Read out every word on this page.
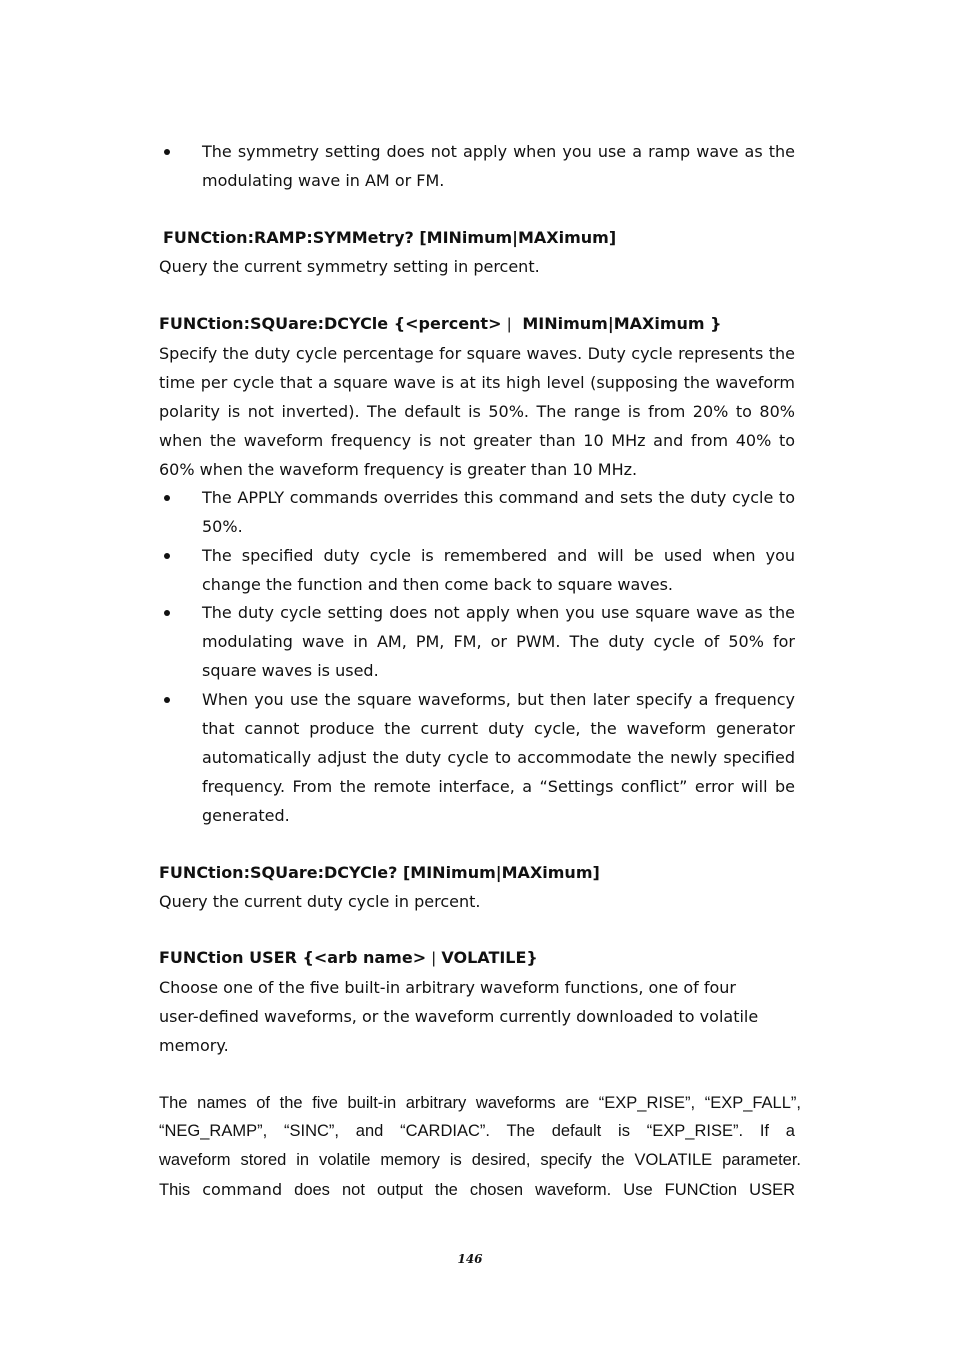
The symmetry setting does not apply when you use a ramp wave as the modulating wave in AM or FM.

FUNCtion:RAMP:SYMMetry? [MINimum|MAXimum]

Query the current symmetry setting in percent.

FUNCtion:SQUare:DCYCle {<percent> |  MINimum|MAXimum }

Specify the duty cycle percentage for square waves. Duty cycle represents the time per cycle that a square wave is at its high level (supposing the waveform polarity is not inverted). The default is 50%. The range is from 20% to 80% when the waveform frequency is not greater than 10 MHz and from 40% to 60% when the waveform frequency is greater than 10 MHz.

The APPLY commands overrides this command and sets the duty cycle to 50%.
The specified duty cycle is remembered and will be used when you change the function and then come back to square waves.
The duty cycle setting does not apply when you use square wave as the modulating wave in AM, PM, FM, or PWM. The duty cycle of 50% for square waves is used.
When you use the square waveforms, but then later specify a frequency that cannot produce the current duty cycle, the waveform generator automatically adjust the duty cycle to accommodate the newly specified frequency. From the remote interface, a “Settings conflict” error will be generated.

FUNCtion:SQUare:DCYCle? [MINimum|MAXimum]

Query the current duty cycle in percent.

FUNCtion USER {<arb name> | VOLATILE}

Choose one of the five built-in arbitrary waveform functions, one of four user-defined waveforms, or the waveform currently downloaded to volatile memory.

The names of the five built-in arbitrary waveforms are “EXP_RISE”, “EXP_FALL”,
“NEG_RAMP”, “SINC”, and “CARDIAC”. The default is “EXP_RISE”. If a
waveform stored in volatile memory is desired, specify the VOLATILE parameter.
This command does not output the chosen waveform. Use FUNCtion USER
146
